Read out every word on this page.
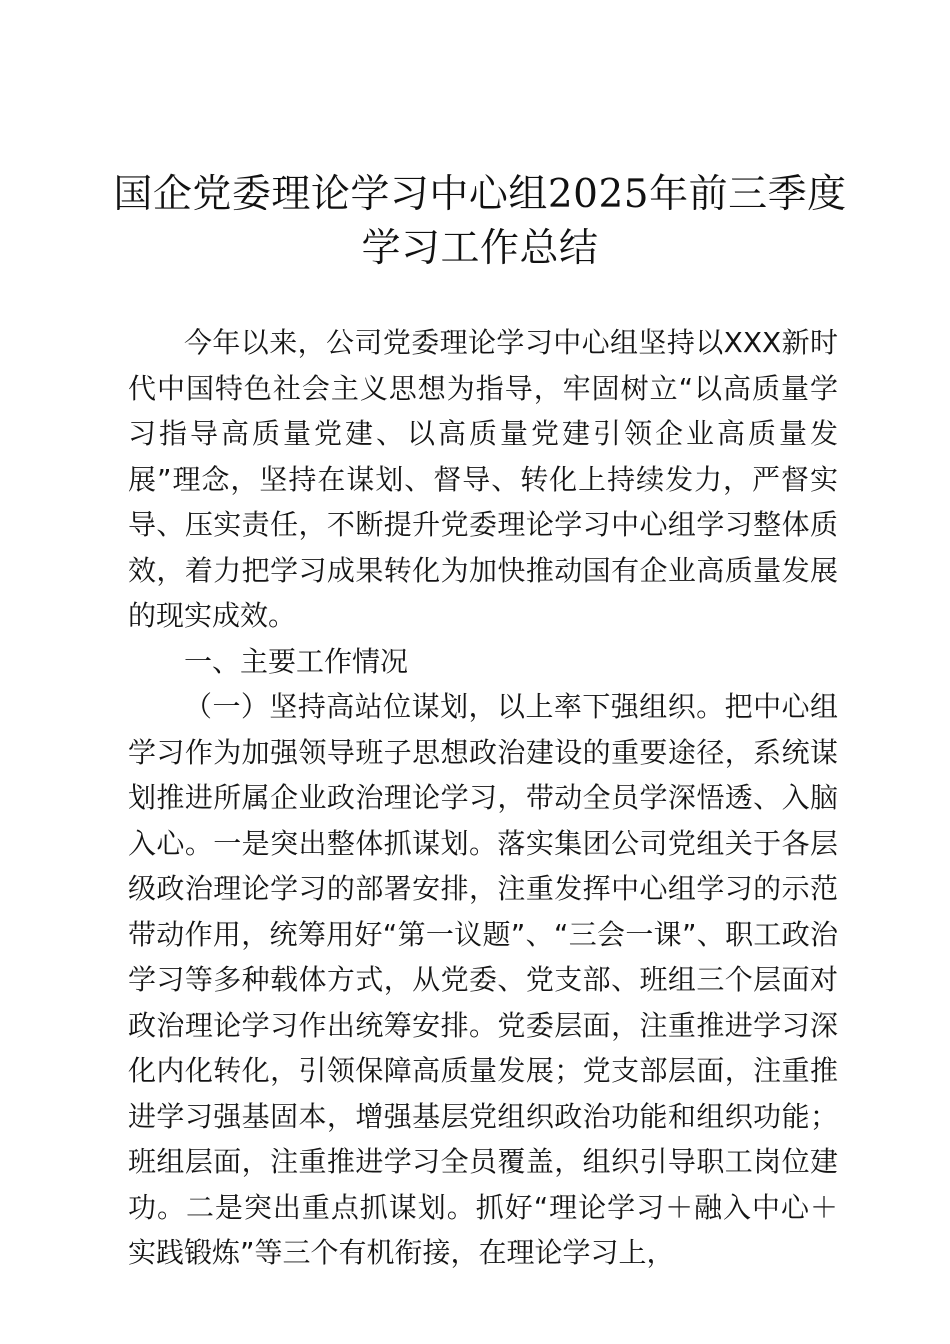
国企党委理论学习中心组2025年前三季度学习工作总结

今年以来，公司党委理论学习中心组坚持以XXX新时代中国特色社会主义思想为指导，牢固树立“以高质量学习指导高质量党建、以高质量党建引领企业高质量发展”理念，坚持在谋划、督导、转化上持续发力，严督实导、压实责任，不断提升党委理论学习中心组学习整体质效，着力把学习成果转化为加快推动国有企业高质量发展的现实成效。

一、主要工作情况

（一）坚持高站位谋划，以上率下强组织。把中心组学习作为加强领导班子思想政治建设的重要途径，系统谋划推进所属企业政治理论学习，带动全员学深悟透、入脑入心。一是突出整体抓谋划。落实集团公司党组关于各层级政治理论学习的部署安排，注重发挥中心组学习的示范带动作用，统筹用好“第一议题”、“三会一课”、职工政治学习等多种载体方式，从党委、党支部、班组三个层面对政治理论学习作出统筹安排。党委层面，注重推进学习深化内化转化，引领保障高质量发展；党支部层面，注重推进学习强基固本，增强基层党组织政治功能和组织功能；班组层面，注重推进学习全员覆盖，组织引导职工岗位建功。二是突出重点抓谋划。抓好“理论学习＋融入中心＋实践锻炼”等三个有机衔接，在理论学习上，
